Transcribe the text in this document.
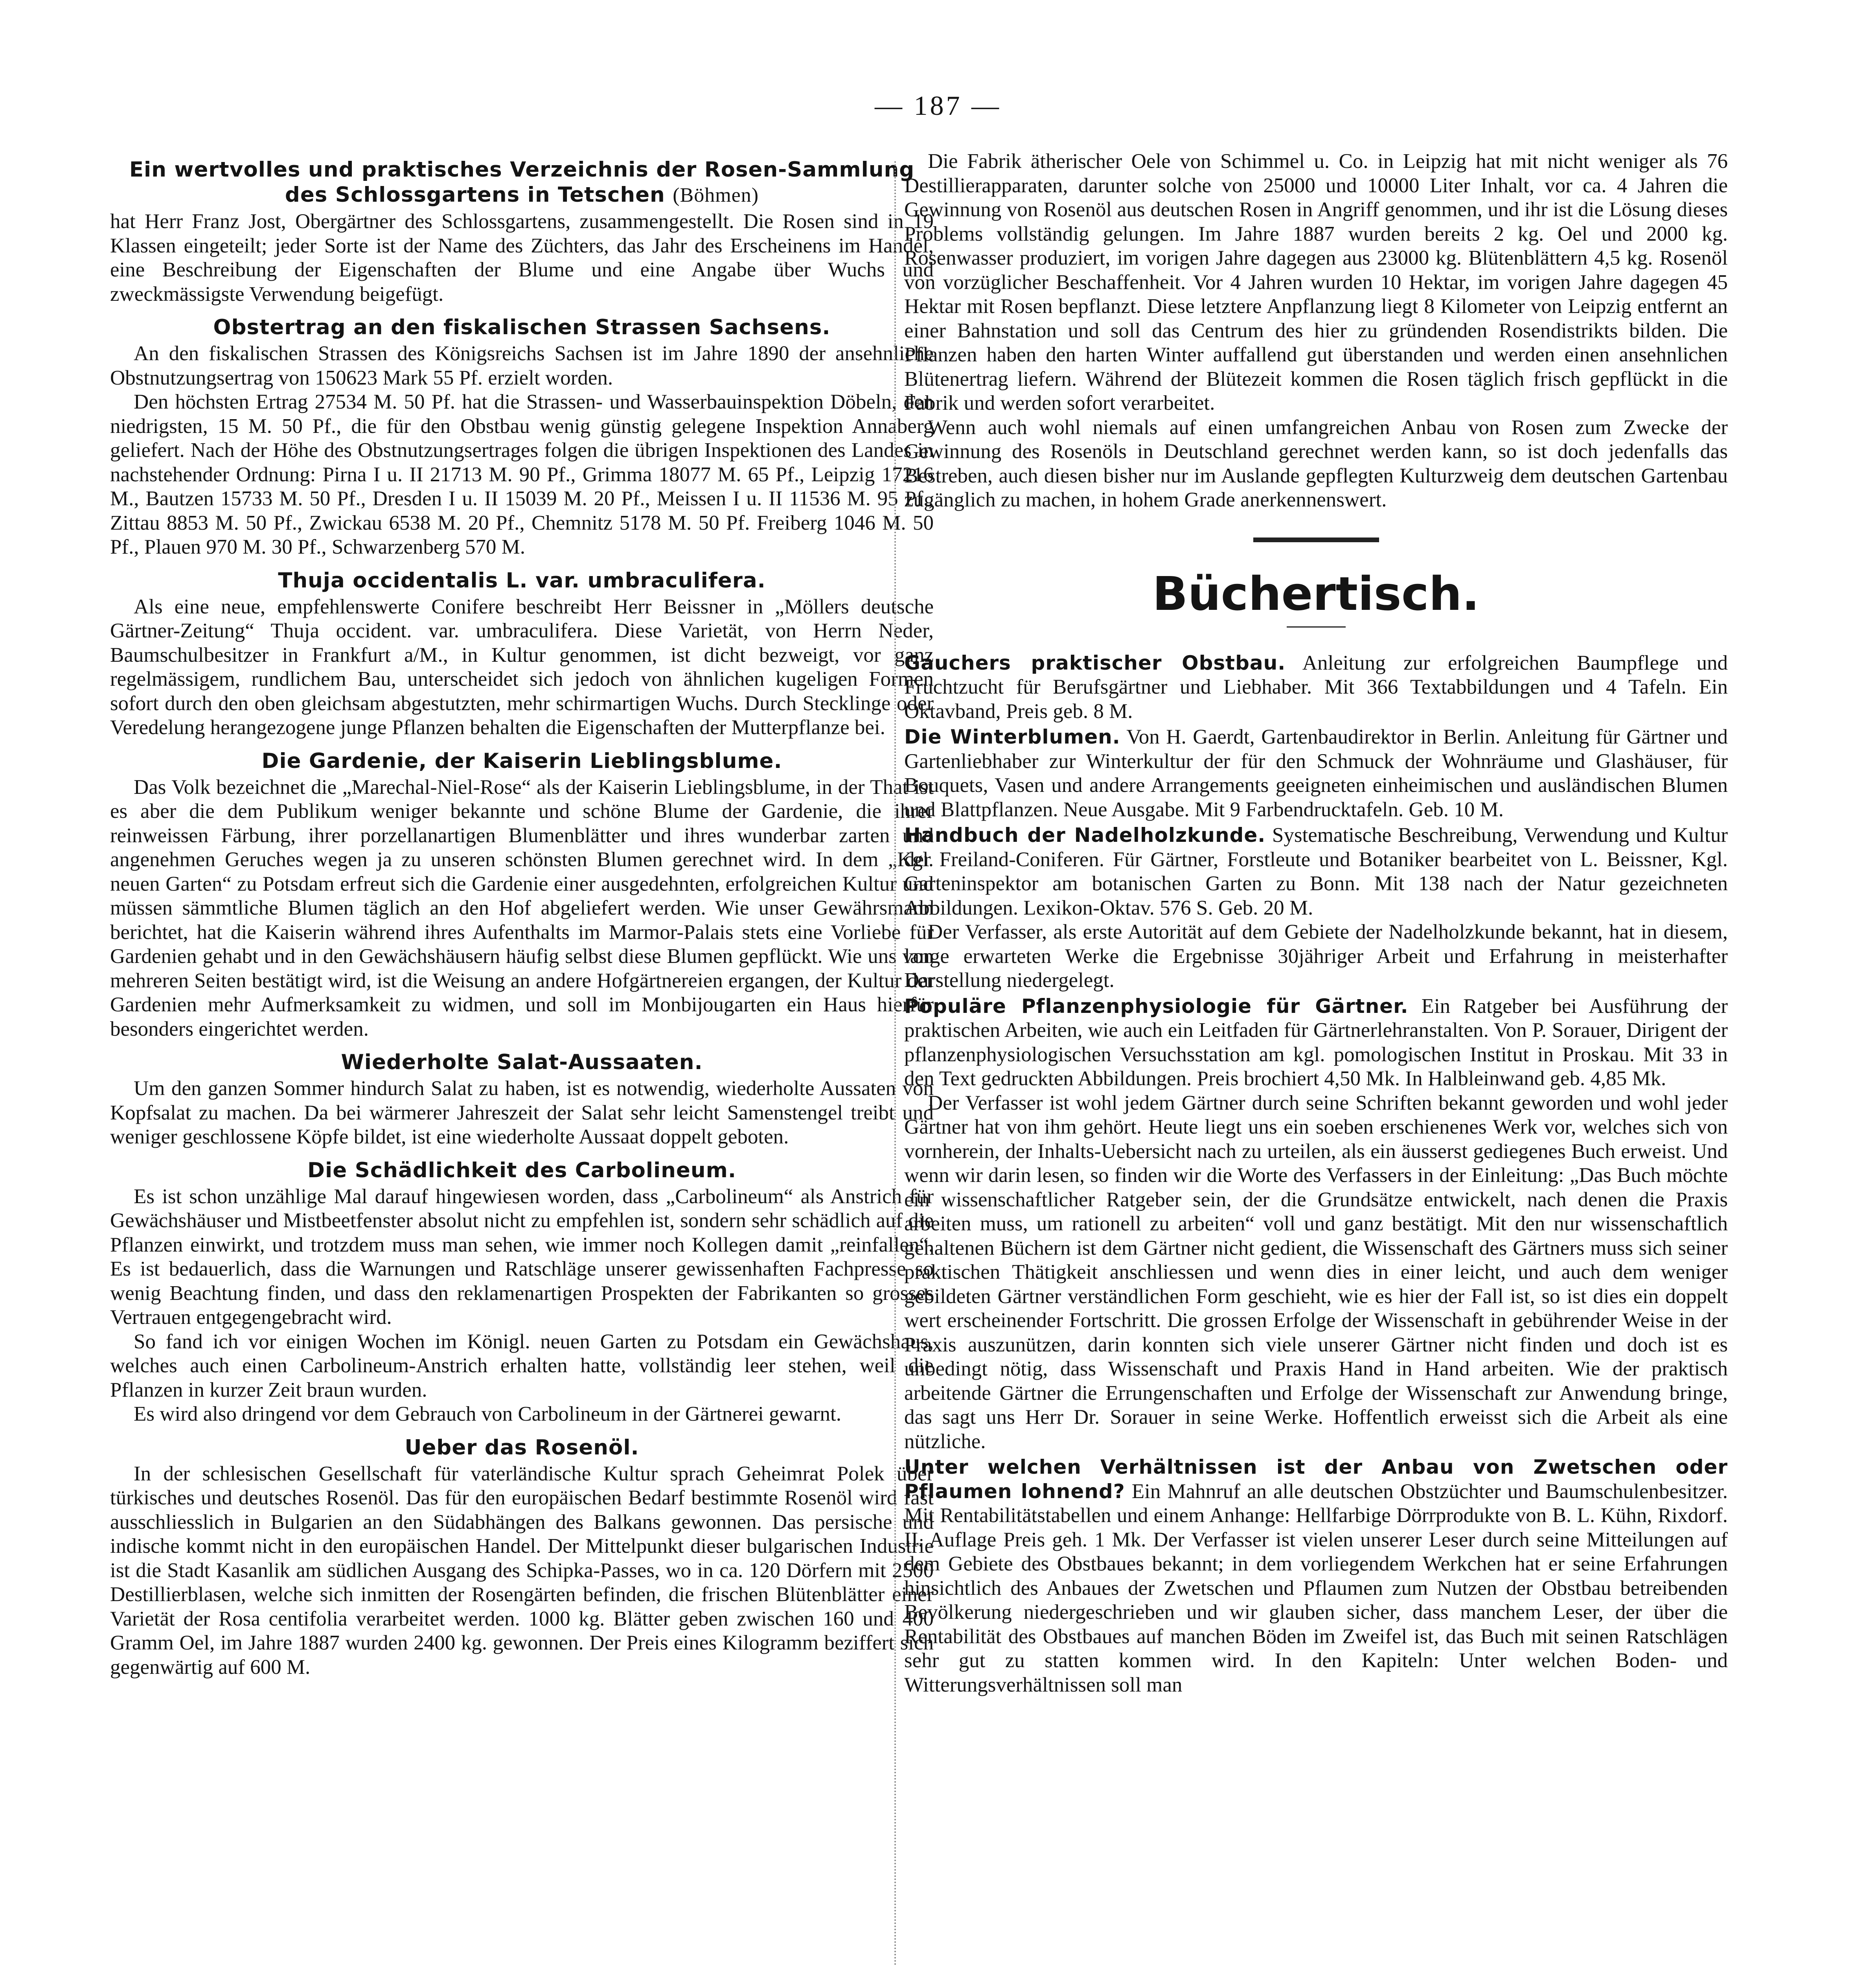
— 187 —
Ein wertvolles und praktisches Verzeichnis der Rosen-Sammlung des Schlossgartens in Tetschen (Böhmen)

hat Herr Franz Jost, Obergärtner des Schlossgartens, zusammengestellt. Die Rosen sind in 19 Klassen eingeteilt; jeder Sorte ist der Name des Züchters, das Jahr des Erscheinens im Handel, eine Beschreibung der Eigenschaften der Blume und eine Angabe über Wuchs und zweckmässigste Verwendung beigefügt.

Obstertrag an den fiskalischen Strassen Sachsens.

An den fiskalischen Strassen des Königsreichs Sachsen ist im Jahre 1890 der ansehnliche Obstnutzungsertrag von 150623 Mark 55 Pf. erzielt worden.

Den höchsten Ertrag 27534 M. 50 Pf. hat die Strassen- und Wasserbauinspektion Döbeln, den niedrigsten, 15 M. 50 Pf., die für den Obstbau wenig günstig gelegene Inspektion Annaberg geliefert. Nach der Höhe des Obstnutzungsertrages folgen die übrigen Inspektionen des Landes in nachstehender Ordnung: Pirna I u. II 21713 M. 90 Pf., Grimma 18077 M. 65 Pf., Leipzig 17216 M., Bautzen 15733 M. 50 Pf., Dresden I u. II 15039 M. 20 Pf., Meissen I u. II 11536 M. 95 Pf., Zittau 8853 M. 50 Pf., Zwickau 6538 M. 20 Pf., Chemnitz 5178 M. 50 Pf. Freiberg 1046 M. 50 Pf., Plauen 970 M. 30 Pf., Schwarzenberg 570 M.

Thuja occidentalis L. var. umbraculifera.

Als eine neue, empfehlenswerte Conifere beschreibt Herr Beissner in „Möllers deutsche Gärtner-Zeitung“ Thuja occident. var. umbraculifera. Diese Varietät, von Herrn Neder, Baumschulbesitzer in Frankfurt a/M., in Kultur genommen, ist dicht bezweigt, vor ganz regelmässigem, rundlichem Bau, unterscheidet sich jedoch von ähnlichen kugeligen Formen sofort durch den oben gleichsam abgestutzten, mehr schirmartigen Wuchs. Durch Stecklinge oder Veredelung herangezogene junge Pflanzen behalten die Eigenschaften der Mutterpflanze bei.

Die Gardenie, der Kaiserin Lieblingsblume.

Das Volk bezeichnet die „Marechal-Niel-Rose“ als der Kaiserin Lieblingsblume, in der That ist es aber die dem Publikum weniger bekannte und schöne Blume der Gardenie, die ihrer reinweissen Färbung, ihrer porzellanartigen Blumenblätter und ihres wunderbar zarten und angenehmen Geruches wegen ja zu unseren schönsten Blumen gerechnet wird. In dem „Kgl. neuen Garten“ zu Potsdam erfreut sich die Gardenie einer ausgedehnten, erfolgreichen Kultur und müssen sämmtliche Blumen täglich an den Hof abgeliefert werden. Wie unser Gewährsmann berichtet, hat die Kaiserin während ihres Aufenthalts im Marmor-Palais stets eine Vorliebe für Gardenien gehabt und in den Gewächshäusern häufig selbst diese Blumen gepflückt. Wie uns von mehreren Seiten bestätigt wird, ist die Weisung an andere Hofgärtnereien ergangen, der Kultur der Gardenien mehr Aufmerksamkeit zu widmen, und soll im Monbijougarten ein Haus hierfür besonders eingerichtet werden.

Wiederholte Salat-Aussaaten.

Um den ganzen Sommer hindurch Salat zu haben, ist es notwendig, wiederholte Aussaten von Kopfsalat zu machen. Da bei wärmerer Jahreszeit der Salat sehr leicht Samenstengel treibt und weniger geschlossene Köpfe bildet, ist eine wiederholte Aussaat doppelt geboten.

Die Schädlichkeit des Carbolineum.

Es ist schon unzählige Mal darauf hingewiesen worden, dass „Carbolineum“ als Anstrich für Gewächshäuser und Mistbeetfenster absolut nicht zu empfehlen ist, sondern sehr schädlich auf die Pflanzen einwirkt, und trotzdem muss man sehen, wie immer noch Kollegen damit „reinfallen“. Es ist bedauerlich, dass die Warnungen und Ratschläge unserer gewissenhaften Fachpresse so wenig Beachtung finden, und dass den reklamenartigen Prospekten der Fabrikanten so grosses Vertrauen entgegengebracht wird.

So fand ich vor einigen Wochen im Königl. neuen Garten zu Potsdam ein Gewächshaus, welches auch einen Carbolineum-Anstrich erhalten hatte, vollständig leer stehen, weil die Pflanzen in kurzer Zeit braun wurden.

Es wird also dringend vor dem Gebrauch von Carbolineum in der Gärtnerei gewarnt.

Ueber das Rosenöl.

In der schlesischen Gesellschaft für vaterländische Kultur sprach Geheimrat Polek über türkisches und deutsches Rosenöl. Das für den europäischen Bedarf bestimmte Rosenöl wird fast ausschliesslich in Bulgarien an den Südabhängen des Balkans gewonnen. Das persische und indische kommt nicht in den europäischen Handel. Der Mittelpunkt dieser bulgarischen Industrie ist die Stadt Kasanlik am südlichen Ausgang des Schipka-Passes, wo in ca. 120 Dörfern mit 2500 Destillierblasen, welche sich inmitten der Rosengärten befinden, die frischen Blütenblätter einer Varietät der Rosa centifolia verarbeitet werden. 1000 kg. Blätter geben zwischen 160 und 400 Gramm Oel, im Jahre 1887 wurden 2400 kg. gewonnen. Der Preis eines Kilogramm beziffert sich gegenwärtig auf 600 M.

Die Fabrik ätherischer Oele von Schimmel u. Co. in Leipzig hat mit nicht weniger als 76 Destillierapparaten, darunter solche von 25000 und 10000 Liter Inhalt, vor ca. 4 Jahren die Gewinnung von Rosenöl aus deutschen Rosen in Angriff genommen, und ihr ist die Lösung dieses Problems vollständig gelungen. Im Jahre 1887 wurden bereits 2 kg. Oel und 2000 kg. Rosenwasser produziert, im vorigen Jahre dagegen aus 23000 kg. Blütenblättern 4,5 kg. Rosenöl von vorzüglicher Beschaffenheit. Vor 4 Jahren wurden 10 Hektar, im vorigen Jahre dagegen 45 Hektar mit Rosen bepflanzt. Diese letztere Anpflanzung liegt 8 Kilometer von Leipzig entfernt an einer Bahnstation und soll das Centrum des hier zu gründenden Rosendistrikts bilden. Die Pflanzen haben den harten Winter auffallend gut überstanden und werden einen ansehnlichen Blütenertrag liefern. Während der Blütezeit kommen die Rosen täglich frisch gepflückt in die Fabrik und werden sofort verarbeitet.

Wenn auch wohl niemals auf einen umfangreichen Anbau von Rosen zum Zwecke der Gewinnung des Rosenöls in Deutschland gerechnet werden kann, so ist doch jedenfalls das Bestreben, auch diesen bisher nur im Auslande gepflegten Kulturzweig dem deutschen Gartenbau zugänglich zu machen, in hohem Grade anerkennenswert.

Büchertisch.

Gauchers praktischer Obstbau. Anleitung zur erfolgreichen Baumpflege und Fruchtzucht für Berufsgärtner und Liebhaber. Mit 366 Textabbildungen und 4 Tafeln. Ein Oktavband, Preis geb. 8 M.

Die Winterblumen. Von H. Gaerdt, Gartenbaudirektor in Berlin. Anleitung für Gärtner und Gartenliebhaber zur Winterkultur der für den Schmuck der Wohnräume und Glashäuser, für Bouquets, Vasen und andere Arrangements geeigneten einheimischen und ausländischen Blumen und Blattpflanzen. Neue Ausgabe. Mit 9 Farbendrucktafeln. Geb. 10 M.

Handbuch der Nadelholzkunde. Systematische Beschreibung, Verwendung und Kultur der Freiland-Coniferen. Für Gärtner, Forstleute und Botaniker bearbeitet von L. Beissner, Kgl. Garteninspektor am botanischen Garten zu Bonn. Mit 138 nach der Natur gezeichneten Abbildungen. Lexikon-Oktav. 576 S. Geb. 20 M.

Der Verfasser, als erste Autorität auf dem Gebiete der Nadelholzkunde bekannt, hat in diesem, lange erwarteten Werke die Ergebnisse 30jähriger Arbeit und Erfahrung in meisterhafter Darstellung niedergelegt.

Populäre Pflanzenphysiologie für Gärtner. Ein Ratgeber bei Ausführung der praktischen Arbeiten, wie auch ein Leitfaden für Gärtnerlehranstalten. Von P. Sorauer, Dirigent der pflanzenphysiologischen Versuchsstation am kgl. pomologischen Institut in Proskau. Mit 33 in den Text gedruckten Abbildungen. Preis brochiert 4,50 Mk. In Halbleinwand geb. 4,85 Mk.

Der Verfasser ist wohl jedem Gärtner durch seine Schriften bekannt geworden und wohl jeder Gärtner hat von ihm gehört. Heute liegt uns ein soeben erschienenes Werk vor, welches sich von vornherein, der Inhalts-Uebersicht nach zu urteilen, als ein äusserst gediegenes Buch erweist. Und wenn wir darin lesen, so finden wir die Worte des Verfassers in der Einleitung: „Das Buch möchte ein wissenschaftlicher Ratgeber sein, der die Grundsätze entwickelt, nach denen die Praxis arbeiten muss, um rationell zu arbeiten“ voll und ganz bestätigt. Mit den nur wissenschaftlich gehaltenen Büchern ist dem Gärtner nicht gedient, die Wissenschaft des Gärtners muss sich seiner praktischen Thätigkeit anschliessen und wenn dies in einer leicht, und auch dem weniger gebildeten Gärtner verständlichen Form geschieht, wie es hier der Fall ist, so ist dies ein doppelt wert erscheinender Fortschritt. Die grossen Erfolge der Wissenschaft in gebührender Weise in der Praxis auszunützen, darin konnten sich viele unserer Gärtner nicht finden und doch ist es unbedingt nötig, dass Wissenschaft und Praxis Hand in Hand arbeiten. Wie der praktisch arbeitende Gärtner die Errungenschaften und Erfolge der Wissenschaft zur Anwendung bringe, das sagt uns Herr Dr. Sorauer in seine Werke. Hoffentlich erweisst sich die Arbeit als eine nützliche.

Unter welchen Verhältnissen ist der Anbau von Zwetschen oder Pflaumen lohnend? Ein Mahnruf an alle deutschen Obstzüchter und Baumschulenbesitzer. Mit Rentabilitätstabellen und einem Anhange: Hellfarbige Dörrprodukte von B. L. Kühn, Rixdorf. II. Auflage Preis geh. 1 Mk. Der Verfasser ist vielen unserer Leser durch seine Mitteilungen auf dem Gebiete des Obstbaues bekannt; in dem vorliegendem Werkchen hat er seine Erfahrungen hinsichtlich des Anbaues der Zwetschen und Pflaumen zum Nutzen der Obstbau betreibenden Bevölkerung niedergeschrieben und wir glauben sicher, dass manchem Leser, der über die Rentabilität des Obstbaues auf manchen Böden im Zweifel ist, das Buch mit seinen Ratschlägen sehr gut zu statten kommen wird. In den Kapiteln: Unter welchen Boden- und Witterungsverhältnissen soll man
